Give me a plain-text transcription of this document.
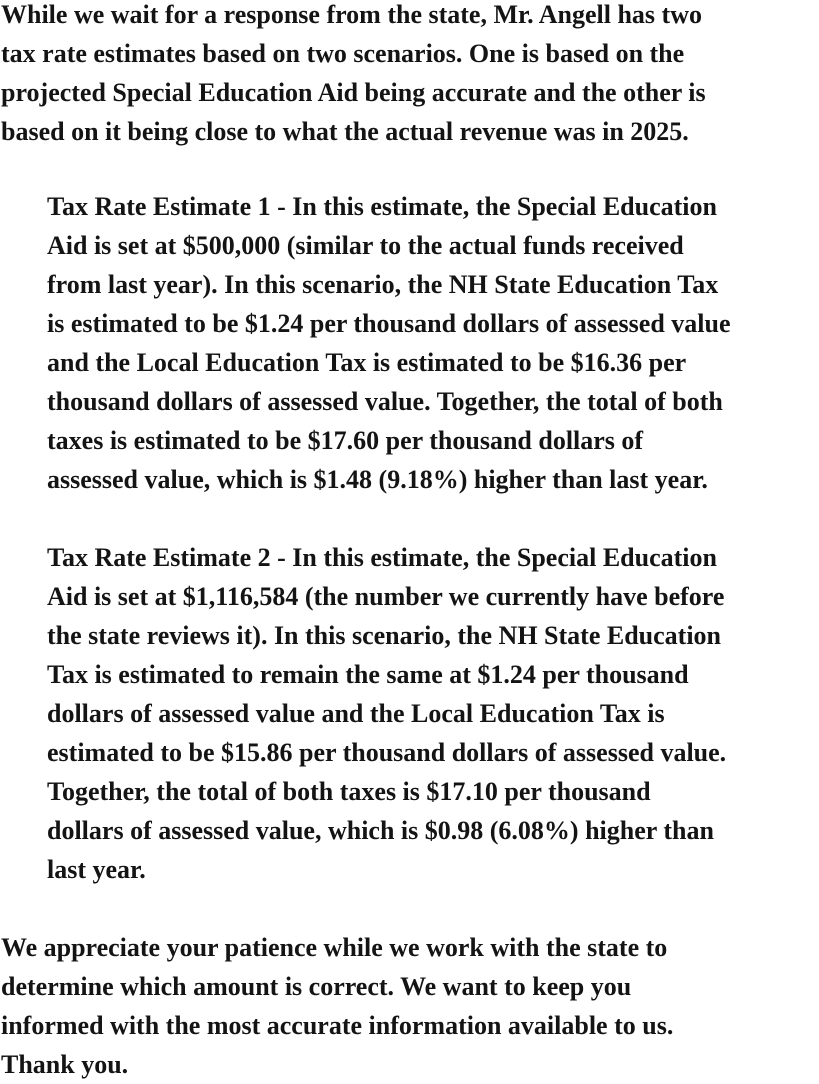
While we wait for a response from the state, Mr. Angell has two
tax rate estimates based on two scenarios. One is based on the
projected Special Education Aid being accurate and the other is
based on it being close to what the actual revenue was in 2025.

Tax Rate Estimate 1 - In this estimate, the Special Education
Aid is set at $500,000 (similar to the actual funds received
from last year). In this scenario, the NH State Education Tax
is estimated to be $1.24 per thousand dollars of assessed value
and the Local Education Tax is estimated to be $16.36 per
thousand dollars of assessed value. Together, the total of both
taxes is estimated to be $17.60 per thousand dollars of
assessed value, which is $1.48 (9.18%) higher than last year.

Tax Rate Estimate 2 - In this estimate, the Special Education
Aid is set at $1,116,584 (the number we currently have before
the state reviews it). In this scenario, the NH State Education
Tax is estimated to remain the same at $1.24 per thousand
dollars of assessed value and the Local Education Tax is
estimated to be $15.86 per thousand dollars of assessed value.
Together, the total of both taxes is $17.10 per thousand
dollars of assessed value, which is $0.98 (6.08%) higher than
last year.

We appreciate your patience while we work with the state to
determine which amount is correct. We want to keep you
informed with the most accurate information available to us.
Thank you.
